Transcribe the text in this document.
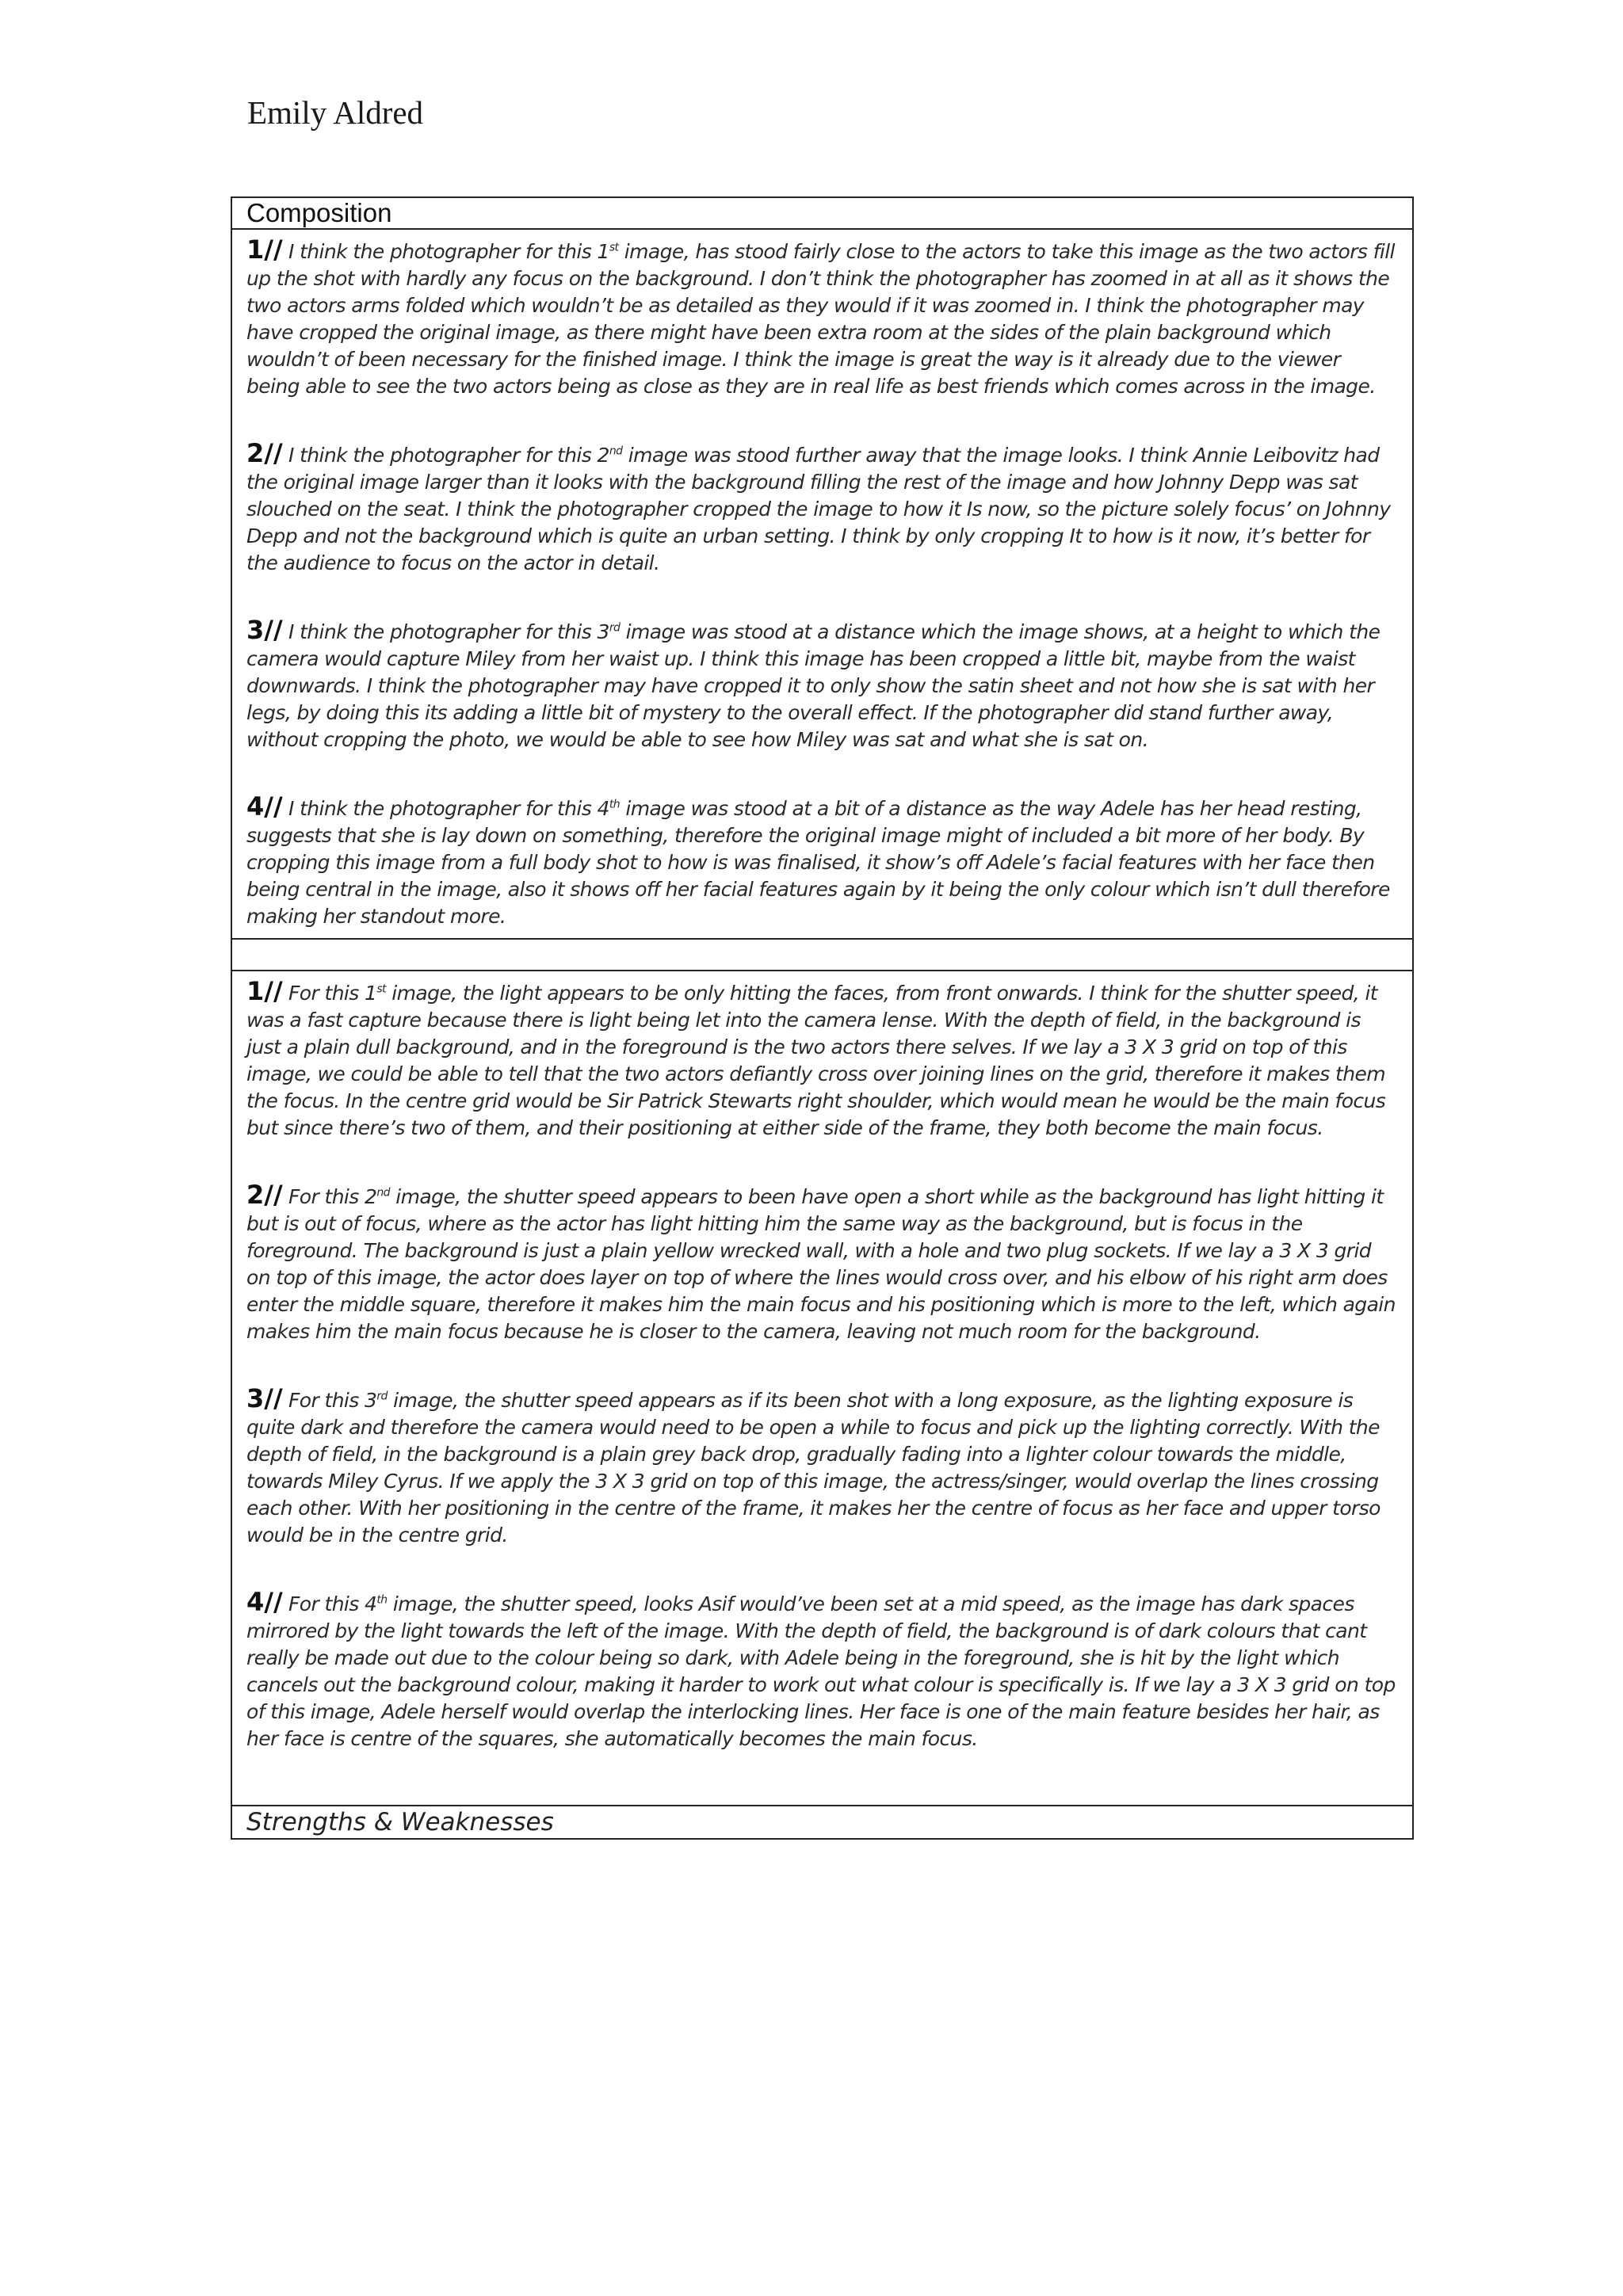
Emily Aldred
Composition

1// I think the photographer for this 1st image, has stood fairly close to the actors to take this image as the two actors fill up the shot with hardly any focus on the background. I don’t think the photographer has zoomed in at all as it shows the two actors arms folded which wouldn’t be as detailed as they would if it was zoomed in. I think the photographer may have cropped the original image, as there might have been extra room at the sides of the plain background which wouldn’t of been necessary for the finished image. I think the image is great the way is it already due to the viewer being able to see the two actors being as close as they are in real life as best friends which comes across in the image.

2// I think the photographer for this 2nd image was stood further away that the image looks. I think Annie Leibovitz had the original image larger than it looks with the background filling the rest of the image and how Johnny Depp was sat slouched on the seat. I think the photographer cropped the image to how it Is now, so the picture solely focus’ on Johnny Depp and not the background which is quite an urban setting. I think by only cropping It to how is it now, it’s better for the audience to focus on the actor in detail.

3// I think the photographer for this 3rd image was stood at a distance which the image shows, at a height to which the camera would capture Miley from her waist up. I think this image has been cropped a little bit, maybe from the waist downwards. I think the photographer may have cropped it to only show the satin sheet and not how she is sat with her legs, by doing this its adding a little bit of mystery to the overall effect. If the photographer did stand further away, without cropping the photo, we would be able to see how Miley was sat and what she is sat on.

4// I think the photographer for this 4th image was stood at a bit of a distance as the way Adele has her head resting, suggests that she is lay down on something, therefore the original image might of included a bit more of her body. By cropping this image from a full body shot to how is was finalised, it show’s off Adele’s facial features with her face then being central in the image, also it shows off her facial features again by it being the only colour which isn’t dull therefore making her standout more.

1// For this 1st image, the light appears to be only hitting the faces, from front onwards. I think for the shutter speed, it was a fast capture because there is light being let into the camera lense. With the depth of field, in the background is just a plain dull background, and in the foreground is the two actors there selves. If we lay a 3 X 3 grid on top of this image, we could be able to tell that the two actors defiantly cross over joining lines on the grid, therefore it makes them the focus. In the centre grid would be Sir Patrick Stewarts right shoulder, which would mean he would be the main focus but since there’s two of them, and their positioning at either side of the frame, they both become the main focus.

2// For this 2nd image, the shutter speed appears to been have open a short while as the background has light hitting it but is out of focus, where as the actor has light hitting him the same way as the background, but is focus in the foreground. The background is just a plain yellow wrecked wall, with a hole and two plug sockets. If we lay a 3 X 3 grid on top of this image, the actor does layer on top of where the lines would cross over, and his elbow of his right arm does enter the middle square, therefore it makes him the main focus and his positioning which is more to the left, which again makes him the main focus because he is closer to the camera, leaving not much room for the background.

3// For this 3rd image, the shutter speed appears as if its been shot with a long exposure, as the lighting exposure is quite dark and therefore the camera would need to be open a while to focus and pick up the lighting correctly. With the depth of field, in the background is a plain grey back drop, gradually fading into a lighter colour towards the middle, towards Miley Cyrus. If we apply the 3 X 3 grid on top of this image, the actress/singer, would overlap the lines crossing each other. With her positioning in the centre of the frame, it makes her the centre of focus as her face and upper torso would be in the centre grid.

4// For this 4th image, the shutter speed, looks Asif would’ve been set at a mid speed, as the image has dark spaces mirrored by the light towards the left of the image. With the depth of field, the background is of dark colours that cant really be made out due to the colour being so dark, with Adele being in the foreground, she is hit by the light which cancels out the background colour, making it harder to work out what colour is specifically is. If we lay a 3 X 3 grid on top of this image, Adele herself would overlap the interlocking lines. Her face is one of the main feature besides her hair, as her face is centre of the squares, she automatically becomes the main focus.

Strengths & Weaknesses
